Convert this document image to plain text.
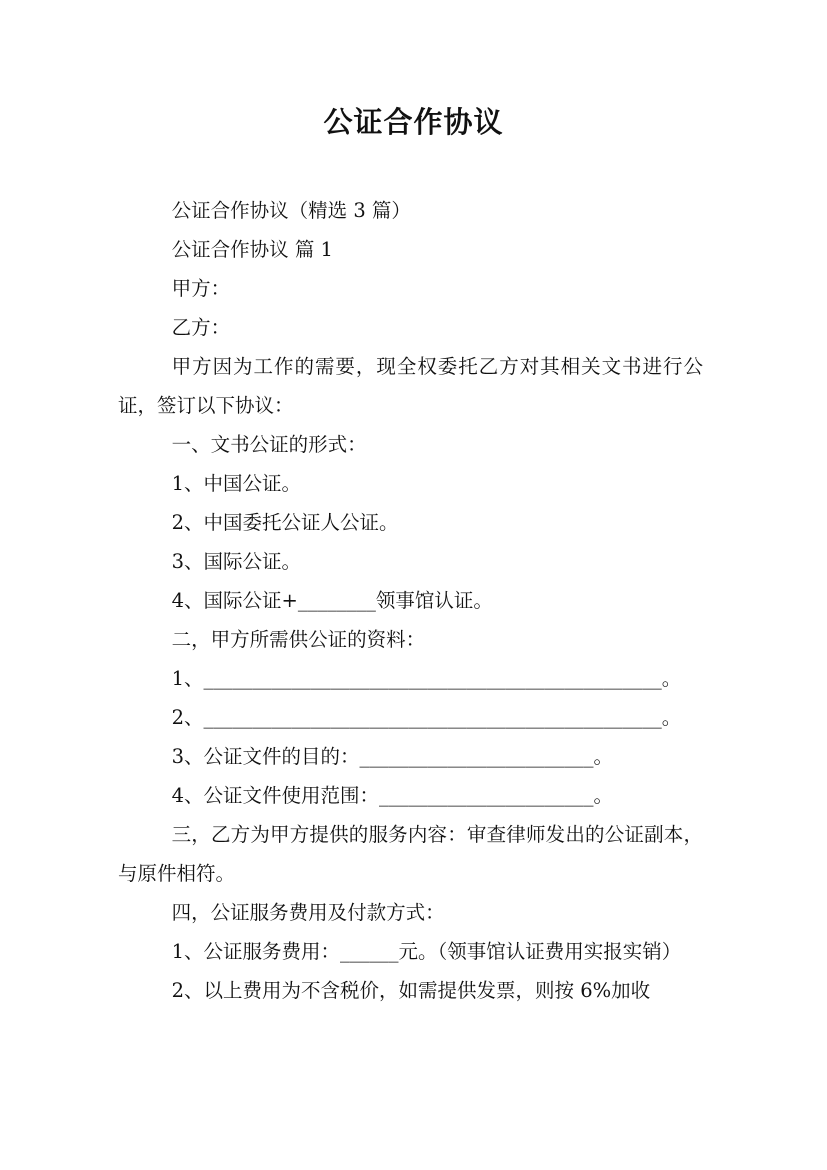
公证合作协议

公证合作协议（精选 3 篇）

公证合作协议 篇 1

甲方：

乙方：

甲方因为工作的需要，现全权委托乙方对其相关文书进行公证，签订以下协议：

一、文书公证的形式：

1、中国公证。

2、中国委托公证人公证。

3、国际公证。

4、国际公证+________领事馆认证。

二，甲方所需供公证的资料：

1、_______________________________________________。

2、_______________________________________________。

3、公证文件的目的：________________________。

4、公证文件使用范围：______________________。

三，乙方为甲方提供的服务内容：审查律师发出的公证副本，与原件相符。

四，公证服务费用及付款方式：

1、公证服务费用：______元。（领事馆认证费用实报实销）

2、以上费用为不含税价，如需提供发票，则按 6%加收
